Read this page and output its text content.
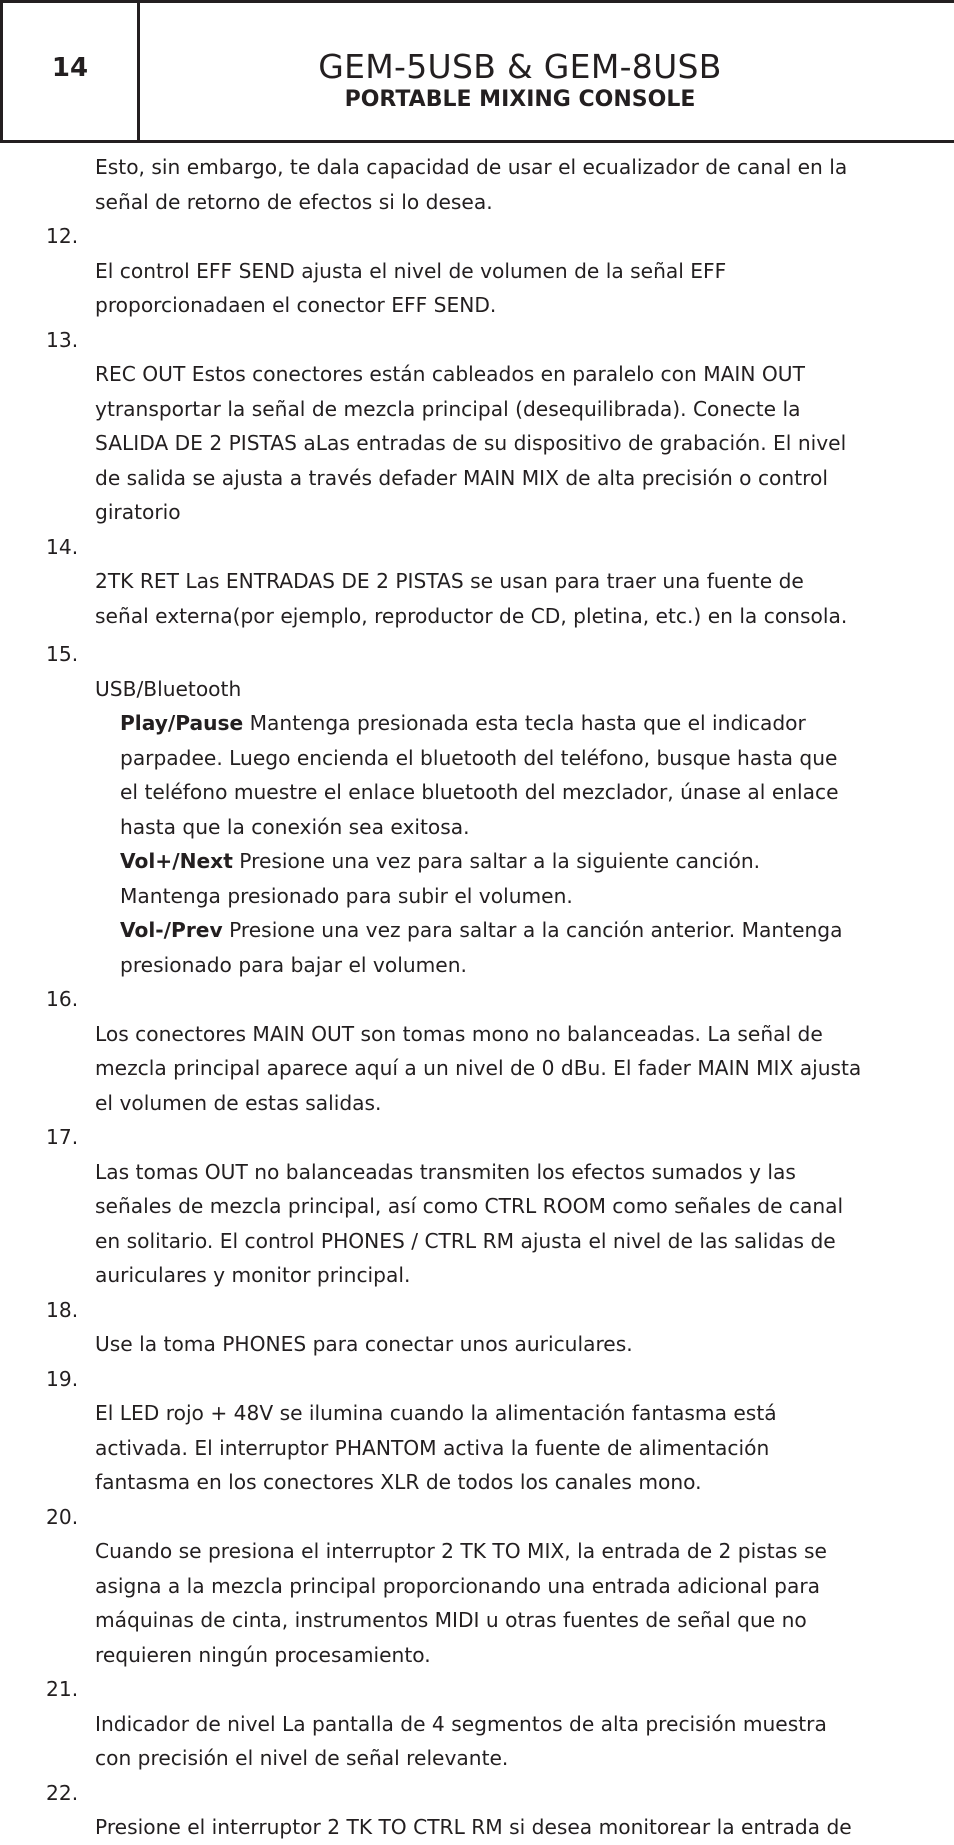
14	GEM-5USB & GEM-8USB
PORTABLE MIXING CONSOLE
Esto, sin embargo, te dala capacidad de usar el ecualizador de canal en la
señal de retorno de efectos si lo desea.

12.
El control EFF SEND ajusta el nivel de volumen de la señal EFF
proporcionadaen el conector EFF SEND.

13.
REC OUT Estos conectores están cableados en paralelo con MAIN OUT
ytransportar la señal de mezcla principal (desequilibrada). Conecte la
SALIDA DE 2 PISTAS aLas entradas de su dispositivo de grabación. El nivel
de salida se ajusta a través defader MAIN MIX de alta precisión o control
giratorio

14.
2TK RET Las ENTRADAS DE 2 PISTAS se usan para traer una fuente de
señal externa(por ejemplo, reproductor de CD, pletina, etc.) en la consola.

15.
USB/Bluetooth

Play/Pause Mantenga presionada esta tecla hasta que el indicador
parpadee. Luego encienda el bluetooth del teléfono, busque hasta que
el teléfono muestre el enlace bluetooth del mezclador, únase al enlace
hasta que la conexión sea exitosa.
Vol+/Next Presione una vez para saltar a la siguiente canción.
Mantenga presionado para subir el volumen.
Vol-/Prev Presione una vez para saltar a la canción anterior. Mantenga
presionado para bajar el volumen.

16.
Los conectores MAIN OUT son tomas mono no balanceadas. La señal de
mezcla principal aparece aquí a un nivel de 0 dBu. El fader MAIN MIX ajusta
el volumen de estas salidas.

17.
Las tomas OUT no balanceadas transmiten los efectos sumados y las
señales de mezcla principal, así como CTRL ROOM como señales de canal
en solitario. El control PHONES / CTRL RM ajusta el nivel de las salidas de
auriculares y monitor principal.

18.
Use la toma PHONES para conectar unos auriculares.

19.
El LED rojo + 48V se ilumina cuando la alimentación fantasma está
activada. El interruptor PHANTOM activa la fuente de alimentación
fantasma en los conectores XLR de todos los canales mono.

20.
Cuando se presiona el interruptor 2 TK TO MIX, la entrada de 2 pistas se
asigna a la mezcla principal proporcionando una entrada adicional para
máquinas de cinta, instrumentos MIDI u otras fuentes de señal que no
requieren ningún procesamiento.

21.
Indicador de nivel La pantalla de 4 segmentos de alta precisión muestra
con precisión el nivel de señal relevante.

22.
Presione el interruptor 2 TK TO CTRL RM si desea monitorear la entrada de
